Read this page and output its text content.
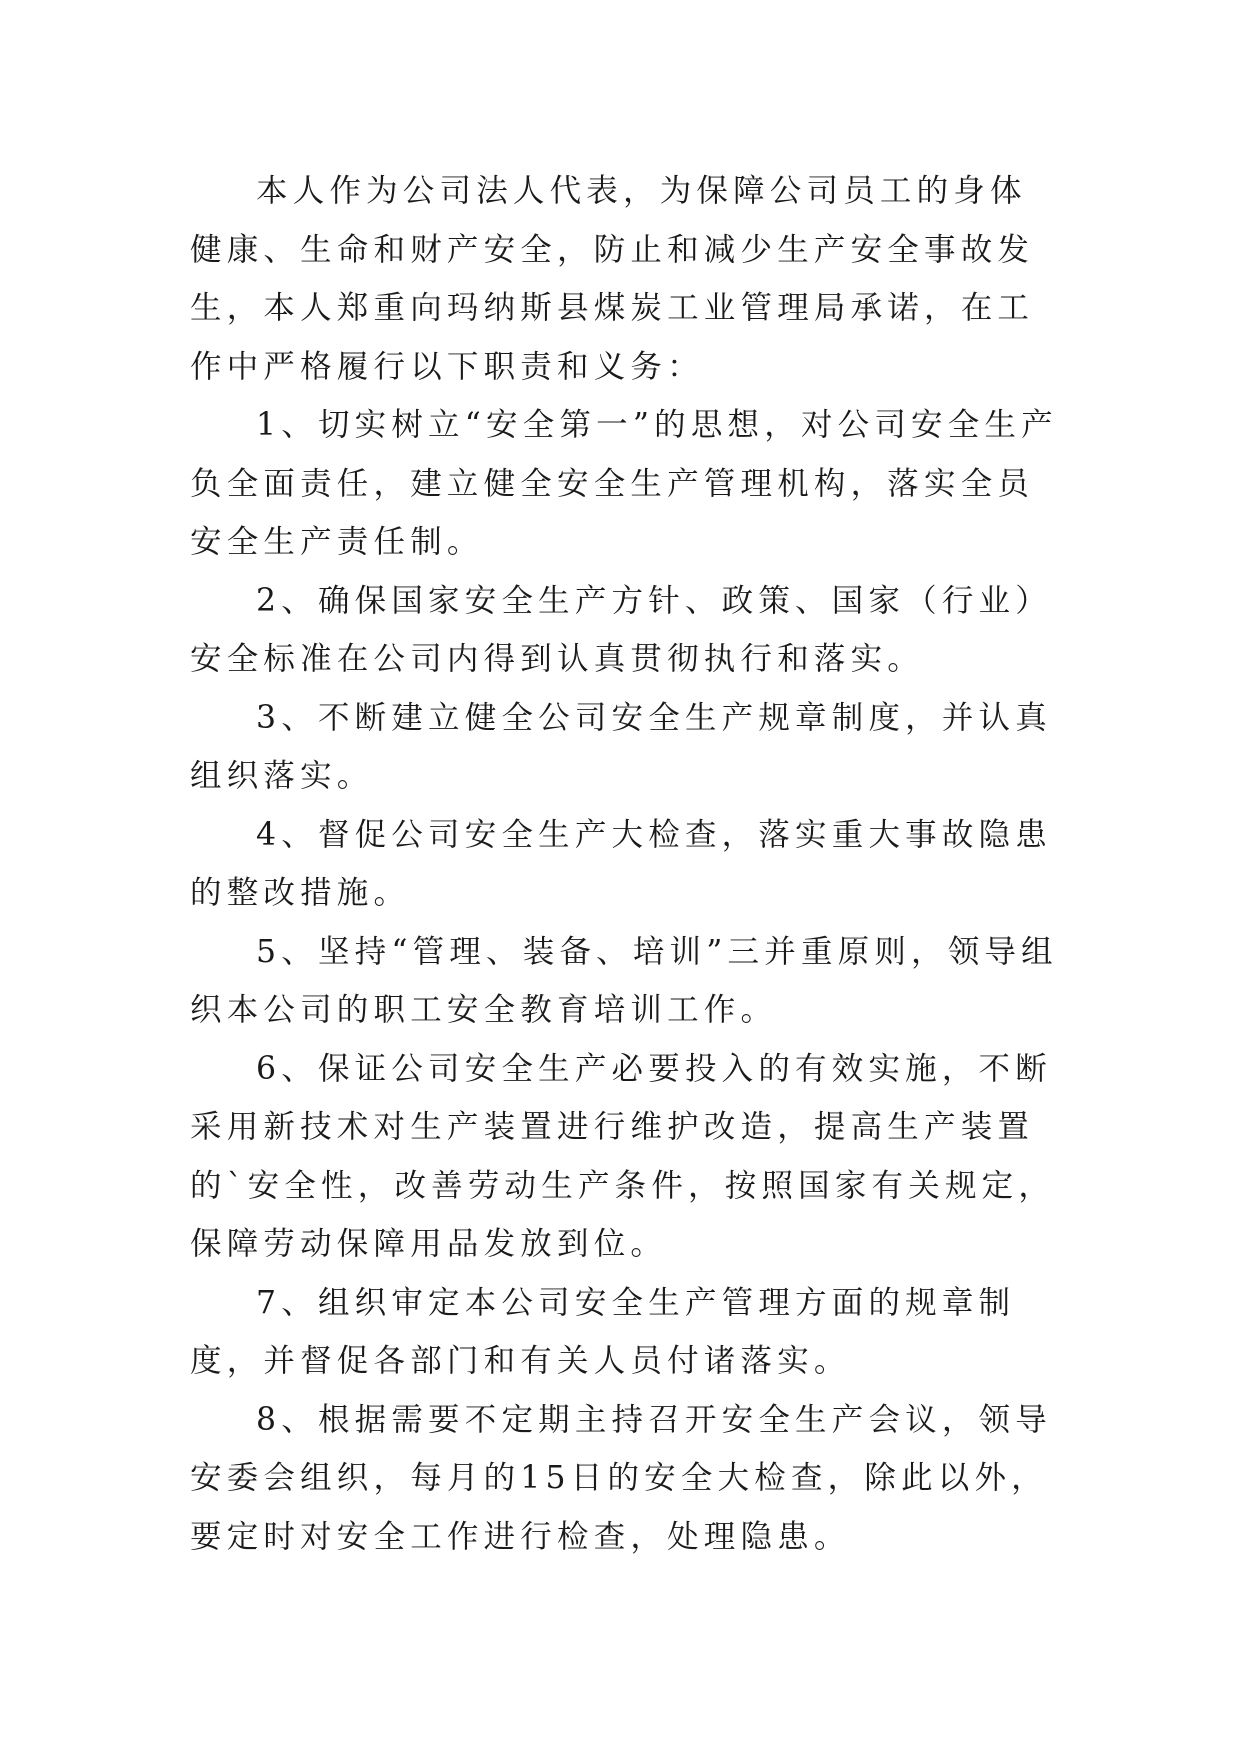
本人作为公司法人代表，为保障公司员工的身体健康、生命和财产安全，防止和减少生产安全事故发生，本人郑重向玛纳斯县煤炭工业管理局承诺，在工作中严格履行以下职责和义务：

1、切实树立“安全第一”的思想，对公司安全生产负全面责任，建立健全安全生产管理机构，落实全员安全生产责任制。

2、确保国家安全生产方针、政策、国家（行业）安全标准在公司内得到认真贯彻执行和落实。

3、不断建立健全公司安全生产规章制度，并认真组织落实。

4、督促公司安全生产大检查，落实重大事故隐患的整改措施。

5、坚持“管理、装备、培训”三并重原则，领导组织本公司的职工安全教育培训工作。

6、保证公司安全生产必要投入的有效实施，不断采用新技术对生产装置进行维护改造，提高生产装置的`安全性，改善劳动生产条件，按照国家有关规定，保障劳动保障用品发放到位。

7、组织审定本公司安全生产管理方面的规章制度，并督促各部门和有关人员付诸落实。

8、根据需要不定期主持召开安全生产会议，领导安委会组织，每月的15日的安全大检查，除此以外，要定时对安全工作进行检查，处理隐患。
